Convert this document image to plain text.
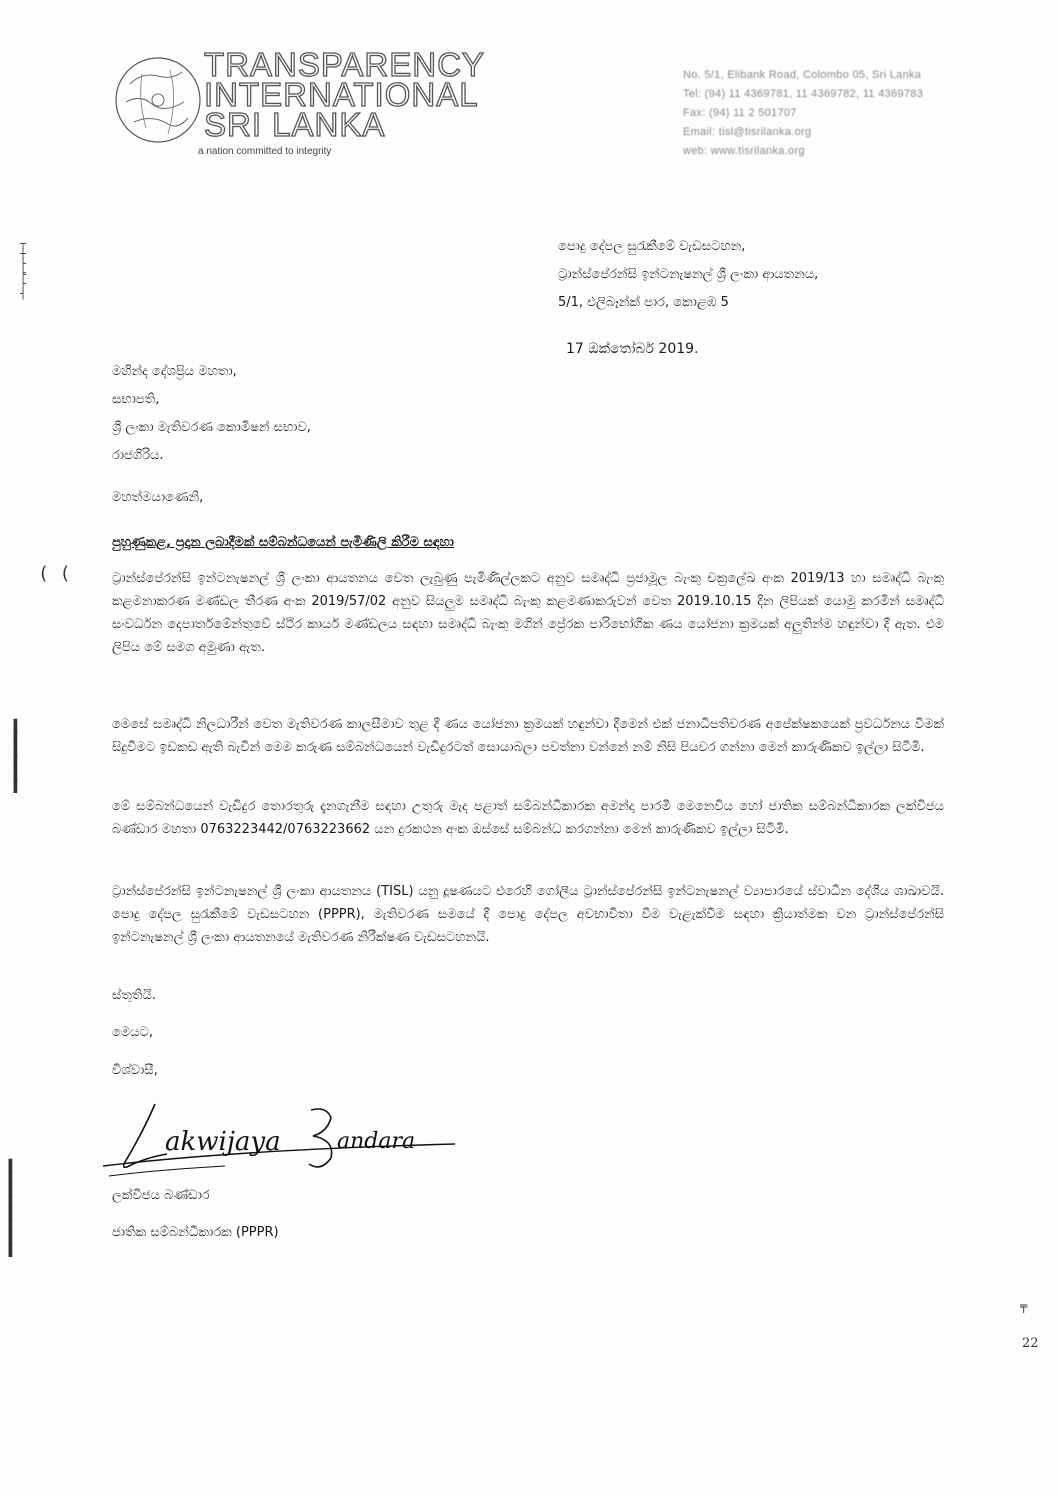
┬
┼
├
╞
├
┤
▐
▐
▐
▐
▐
▐
▐
▐
▐
▐
▐
▐
▐
▐
( (
TRANSPARENCY
INTERNATIONAL
SRI LANKA
a nation committed to integrity
No. 5/1, Elibank Road, Colombo 05, Sri Lanka
Tel: (94) 11 4369781, 11 4369782, 11 4369783
Fax: (94) 11 2 501707
Email: tisl@tisrilanka.org
web: www.tisrilanka.org
පොදු දේපල සුරැකීමේ වැඩසටහන,
ට්‍රාන්ස්පේරන්සි ඉන්ටනැෂනල් ශ්‍රී ලංකා ආයතනය,
5/1, එලිබෑන්ක් පාර, කොළඹ 5
17 ඔක්තෝබර් 2019.
මහින්ද දේශප්‍රිය මහතා,
සභාපති,
ශ්‍රී ලංකා මැතිවරණ කොමිෂන් සභාව,
රාජගිරිය.
මහත්මයාණෙනි,
පුහුණුකළ, ප්‍රදාන ලබාදීමක් සම්බන්ධයෙන් පැමිණිලි කිරීම සඳහා
ට්‍රාන්ස්පේරන්සි ඉන්ටනැෂනල් ශ්‍රී ලංකා ආයතනය වෙත ලැබුණු පැමිණිල්ලකට අනුව සමෘද්ධි ප්‍රජාමූල බැංකු චක්‍රලේඛ අංක 2019/13 හා සමෘද්ධි බැංකු කළමනාකරණ මණ්ඩල තීරණ අංක 2019/57/02 අනුව සියලුම සමෘද්ධි බැංකු කළමණාකරුවන් වෙත 2019.10.15 දින ලිපියක් යොමු කරමින් සමෘද්ධි සංවර්ධන දෙපාර්තමේන්තුවේ ස්ථිර කාර්ය මණ්ඩලය සඳහා සමෘද්ධි බැංකු මගින් ප්‍රේරක පාරිභෝගික ණය යෝජනා ක්‍රමයක් අලුතින්ම හඳුන්වා දී ඇත. එම ලිපිය මේ සමග අමුණා ඇත.
මෙසේ සමෘද්ධි නිලධාරීන් වෙත මැතිවරණ කාලසීමාව තුළ දී ණය යෝජනා ක්‍රමයක් හඳුන්වා දීමෙන් එක් ජනාධිපතිවරණ අපේක්ෂකයෙක් ප්‍රවර්ධනය වීමක් සිදුවීමට ඉඩකඩ ඇති බැවින් මෙම කරුණ සම්බන්ධයෙන් වැඩිදුරටත් සොයාබලා පවත්නා වන්නේ නම් නිසි පියවර ගන්නා මෙන් කාරුණිකව ඉල්ලා සිටිමි.
මේ සම්බන්ධයෙන් වැඩිදුර තොරතුරු දැනගැනීම සඳහා උතුරු මැද පළාත් සම්බන්ධීකාරක අමන්දා පාරමී මෙනෙවිය හෝ ජාතික සම්බන්ධීකාරක ලක්විජය බණ්ඩාර මහතා 0763223442/0763223662 යන දුරකථන අංක ඔස්සේ සම්බන්ධ කරගන්නා මෙන් කාරුණිකව ඉල්ලා සිටිමි.
ට්‍රාන්ස්පේරන්සි ඉන්ටනැෂනල් ශ්‍රී ලංකා ආයතනය (TISL) යනු දූෂණයට එරෙහි ගෝලීය ට්‍රාන්ස්පේරන්සි ඉන්ටනැෂනල් ව්‍යාපාරයේ ස්වාධීන දේශීය ශාඛාවයි. පොදු දේපල සුරැකීමේ වැඩසටහන (PPPR), මැතිවරණ සමයේ දී පොදු දේපල අවභාවිතා වීම වැළැක්වීම සඳහා ක්‍රියාත්මක වන ට්‍රාන්ස්පේරන්සි ඉන්ටනැෂනල් ශ්‍රී ලංකා ආයතනයේ මැතිවරණ නිරීක්ෂණ වැඩසටහනයි.
ස්තුතියි.
මෙයට,
විශ්වාසී,
akwijaya	andara
ලක්විජය බණ්ඩාර
ජාතික සම්බන්ධීකාරක (PPPR)
22
╤
